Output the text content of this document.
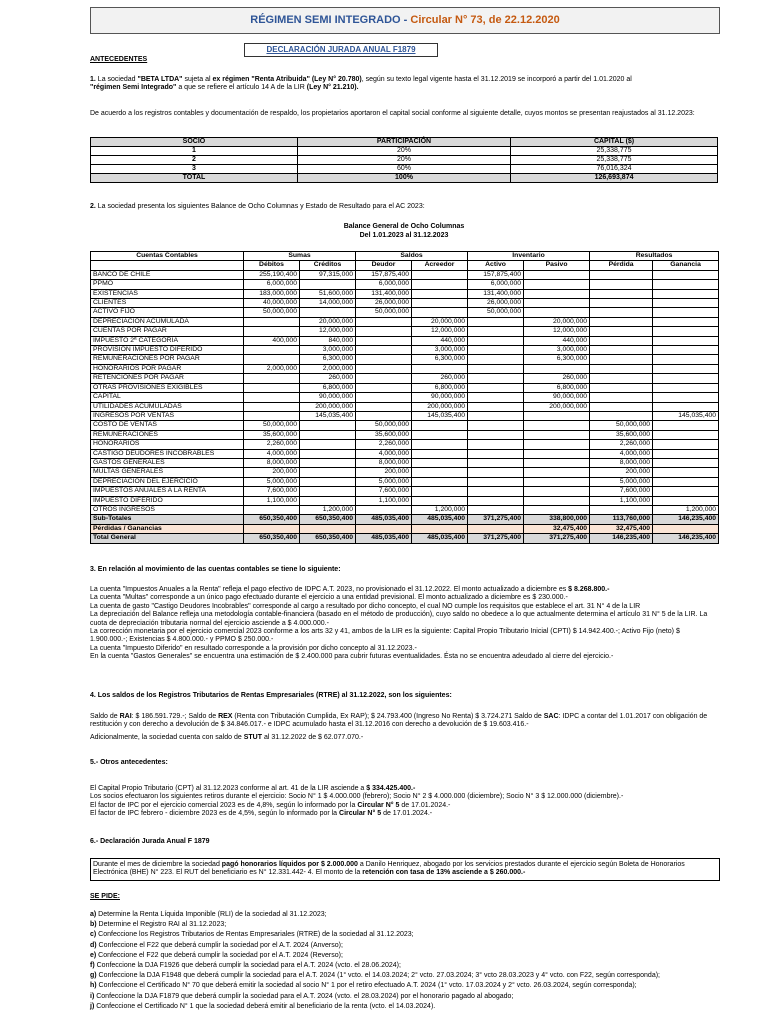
RÉGIMEN SEMI INTEGRADO - Circular N° 73, de 22.12.2020
DECLARACIÓN JURADA ANUAL F1879
ANTECEDENTES

1. La sociedad "BETA LTDA" sujeta al ex régimen "Renta Atribuida" (Ley N° 20.780), según su texto legal vigente hasta el 31.12.2019 se incorporó a partir del 1.01.2020 al
"régimen Semi Integrado" a que se refiere el artículo 14 A de la LIR (Ley N° 21.210).

De acuerdo a los registros contables y documentación de respaldo, los propietarios aportaron el capital social conforme al siguiente detalle, cuyos montos se presentan reajustados al 31.12.2023:

SOCIO	PARTICIPACIÓN	CAPITAL ($)
1	20%	25,338,775
2	20%	25,338,775
3	60%	76,016,324
TOTAL	100%	126,693,874

2. La sociedad presenta los siguientes Balance de Ocho Columnas y Estado de Resultado para el AC 2023:

Balance General de Ocho Columnas
Del 1.01.2023 al 31.12.2023
Cuentas Contables	Sumas		Saldos		Inventario		Resultados	
	Débitos	Créditos	Deudor	Acreedor	Activo	Pasivo	Pérdida	Ganancia
BANCO DE CHILE	255,190,400	97,315,000	157,875,400		157,875,400			
PPMO	6,000,000		6,000,000		6,000,000			
EXISTENCIAS	183,000,000	51,600,000	131,400,000		131,400,000			
CLIENTES	40,000,000	14,000,000	26,000,000		26,000,000			
ACTIVO FIJO	50,000,000		50,000,000		50,000,000			
DEPRECIACION ACUMULADA		20,000,000		20,000,000		20,000,000		
CUENTAS POR PAGAR		12,000,000		12,000,000		12,000,000		
IMPUESTO 2ª CATEGORIA	400,000	840,000		440,000		440,000		
PROVISION IMPUESTO DIFERIDO		3,000,000		3,000,000		3,000,000		
REMUNERACIONES POR PAGAR		6,300,000		6,300,000		6,300,000		
HONORARIOS POR PAGAR	2,000,000	2,000,000						
RETENCIONES POR PAGAR		260,000		260,000		260,000		
OTRAS PROVISIONES EXIGIBLES		6,800,000		6,800,000		6,800,000		
CAPITAL		90,000,000		90,000,000		90,000,000		
UTILIDADES ACUMULADAS		200,000,000		200,000,000		200,000,000		
INGRESOS POR VENTAS		145,035,400		145,035,400				145,035,400
COSTO DE VENTAS	50,000,000		50,000,000				50,000,000	
REMUNERACIONES	35,600,000		35,600,000				35,600,000	
HONORARIOS	2,260,000		2,260,000				2,260,000	
CASTIGO DEUDORES INCOBRABLES	4,000,000		4,000,000				4,000,000	
GASTOS GENERALES	8,000,000		8,000,000				8,000,000	
MULTAS GENERALES	200,000		200,000				200,000	
DEPRECIACION DEL EJERCICIO	5,000,000		5,000,000				5,000,000	
IMPUESTOS ANUALES A LA RENTA	7,600,000		7,600,000				7,600,000	
IMPUESTO DIFERIDO	1,100,000		1,100,000				1,100,000	
OTROS INGRESOS		1,200,000		1,200,000				1,200,000
Sub-Totales	650,350,400	650,350,400	485,035,400	485,035,400	371,275,400	338,800,000	113,760,000	146,235,400
Pérdidas / Ganancias						32,475,400	32,475,400	
Total General	650,350,400	650,350,400	485,035,400	485,035,400	371,275,400	371,275,400	146,235,400	146,235,400
3. En relación al movimiento de las cuentas contables se tiene lo siguiente:
La cuenta "Impuestos Anuales a la Renta" refleja el pago efectivo de IDPC A.T. 2023, no provisionado el 31.12.2022. El monto actualizado a diciembre es $ 8.268.800.-
La cuenta "Multas" corresponde a un único pago efectuado durante el ejercicio a una entidad previsional. El monto actualizado a diciembre es $ 230.000.-
La cuenta de gasto "Castigo Deudores Incobrables" corresponde al cargo a resultado por dicho concepto, el cual NO cumple los requisitos que establece el art. 31 N° 4 de la LIR
La depreciación del Balance refleja una metodología contable-financiera (basado en el método de producción), cuyo saldo no obedece a lo que actualmente determina el artículo 31 N° 5 de la LIR. La cuota de depreciación tributaria normal del ejercicio asciende a $ 4.000.000.-
La corrección monetaria por el ejercicio comercial 2023 conforme a los arts 32 y 41, ambos de la LIR es la siguiente: Capital Propio Tributario Inicial (CPTI) $ 14.942.400.-; Activo Fijo (neto) $ 1.900.000.-; Existencias $ 4.800.000.- y PPMO $ 250.000.-
La cuenta "Impuesto Diferido" en resultado corresponde a la provisión por dicho concepto al 31.12.2023.-
En la cuenta "Gastos Generales" se encuentra una estimación de $ 2.400.000 para cubrir futuras eventualidades. Ésta no se encuentra adeudado al cierre del ejercicio.-
4. Los saldos de los Registros Tributarios de Rentas Empresariales (RTRE) al 31.12.2022, son los siguientes:
Saldo de RAI: $ 186.591.729.-; Saldo de REX (Renta con Tributación Cumplida, Ex RAP); $ 24.793.400 (Ingreso No Renta) $ 3.724.271 Saldo de SAC: IDPC a contar del 1.01.2017 con obligación de restitución y con derecho a devolución de $ 34.846.017.- e IDPC acumulado hasta el 31.12.2016 con derecho a devolución de $ 19.603.416.-
Adicionalmente, la sociedad cuenta con saldo de STUT al 31.12.2022 de $ 62.077.070.-
5.- Otros antecedentes:
El Capital Propio Tributario (CPT) al 31.12.2023 conforme al art. 41 de la LIR asciende a $ 334.425.400.-
Los socios efectuaron los siguientes retiros durante el ejercicio: Socio N° 1 $ 4.000.000 (febrero); Socio N° 2 $ 4.000.000 (diciembre); Socio N° 3 $ 12.000.000 (diciembre).-
El factor de IPC por el ejercicio comercial 2023 es de 4,8%, según lo informado por la Circular N° 5 de 17.01.2024.-
El factor de IPC febrero - diciembre 2023 es de 4,5%, según lo informado por la Circular N° 5 de 17.01.2024.-
6.- Declaración Jurada Anual F 1879
Durante el mes de diciembre la sociedad pagó honorarios líquidos por $ 2.000.000 a Danilo Henriquez, abogado por los servicios prestados durante el ejercicio según Boleta de Honorarios Electrónica (BHE) N° 223. El RUT del beneficiario es N° 12.331.442- 4. El monto de la retención con tasa de 13% asciende a $ 260.000.-
SE PIDE:
a) Determine la Renta Líquida Imponible (RLI) de la sociedad al 31.12.2023;
b) Determine el Registro RAI al 31.12.2023;
c) Confeccione los Registros Tributarios de Rentas Empresariales (RTRE) de la sociedad al 31.12.2023;
d) Confeccione el F22 que deberá cumplir la sociedad por el A.T. 2024 (Anverso);
e) Confeccione el F22 que deberá cumplir la sociedad por el A.T. 2024 (Reverso);
f) Confeccione la DJA F1926 que deberá cumplir la sociedad para el A.T. 2024 (vcto. el 28.06.2024);
g) Confeccione la DJA F1948 que deberá cumplir la sociedad para el A.T. 2024 (1° vcto. el 14.03.2024; 2° vcto. 27.03.2024; 3° vcto 28.03.2023 y 4° vcto. con F22, según corresponda);
h) Confeccione el Certificado N° 70 que deberá emitir la sociedad al socio N° 1 por el retiro efectuado A.T. 2024 (1° vcto. 17.03.2024 y 2° vcto. 26.03.2024, según corresponda);
i) Confeccione la DJA F1879 que deberá cumplir la sociedad para el A.T. 2024 (vcto. el 28.03.2024) por el honorario pagado al abogado;
j) Confeccione el Certificado N° 1 que la sociedad deberá emitir al beneficiario de la renta (vcto. el 14.03.2024).
